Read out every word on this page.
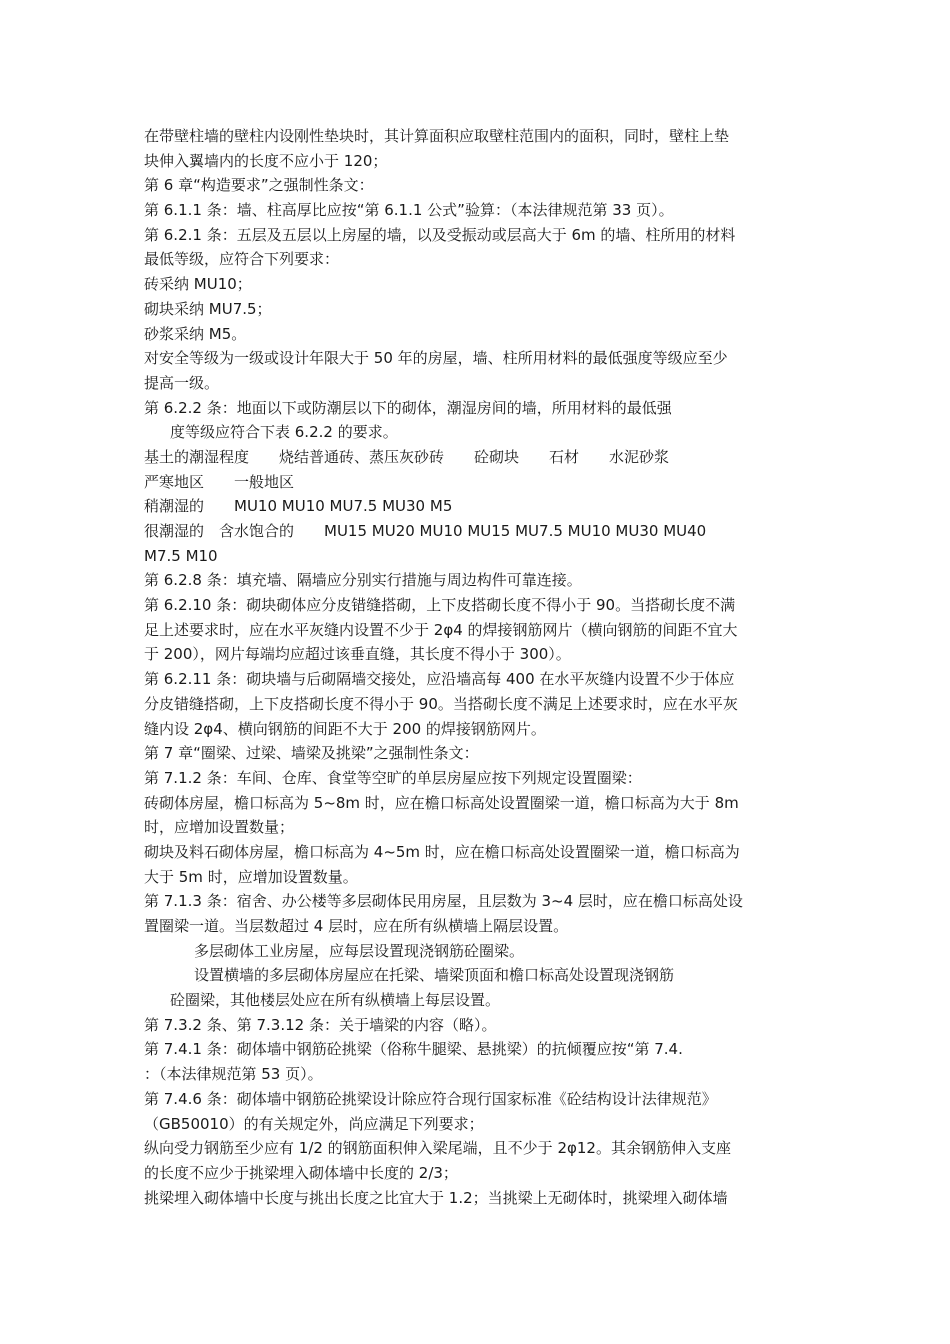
在带壁柱墙的壁柱内设刚性垫块时，其计算面积应取壁柱范围内的面积，同时，壁柱上垫
块伸入翼墙内的长度不应小于 120；
第 6 章“构造要求”之强制性条文：
第 6.1.1 条：墙、柱高厚比应按“第 6.1.1 公式”验算：（本法律规范第 33 页）。
第 6.2.1 条：五层及五层以上房屋的墙，以及受振动或层高大于 6m 的墙、柱所用的材料
最低等级，应符合下列要求：
砖采纳 MU10；
砌块采纳 MU7.5；
砂浆采纳 M5。
对安全等级为一级或设计年限大于 50 年的房屋，墙、柱所用材料的最低强度等级应至少
提高一级。
第 6.2.2 条：地面以下或防潮层以下的砌体，潮湿房间的墙，所用材料的最低强
度等级应符合下表 6.2.2 的要求。
基土的潮湿程度　　烧结普通砖、蒸压灰砂砖　　砼砌块　　石材　　水泥砂浆
严寒地区　　一般地区
稍潮湿的　　MU10 MU10 MU7.5 MU30 M5
很潮湿的　含水饱合的　　MU15 MU20 MU10 MU15 MU7.5 MU10 MU30 MU40
M7.5 M10
第 6.2.8 条：填充墙、隔墙应分别实行措施与周边构件可靠连接。
第 6.2.10 条：砌块砌体应分皮错缝搭砌，上下皮搭砌长度不得小于 90。当搭砌长度不满
足上述要求时，应在水平灰缝内设置不少于 2φ4 的焊接钢筋网片（横向钢筋的间距不宜大
于 200），网片每端均应超过该垂直缝，其长度不得小于 300）。
第 6.2.11 条：砌块墙与后砌隔墙交接处，应沿墙高每 400 在水平灰缝内设置不少于体应
分皮错缝搭砌，上下皮搭砌长度不得小于 90。当搭砌长度不满足上述要求时，应在水平灰
缝内设 2φ4、横向钢筋的间距不大于 200 的焊接钢筋网片。
第 7 章“圈梁、过梁、墙梁及挑梁”之强制性条文：
第 7.1.2 条：车间、仓库、食堂等空旷的单层房屋应按下列规定设置圈梁：
砖砌体房屋，檐口标高为 5~8m 时，应在檐口标高处设置圈梁一道，檐口标高为大于 8m
时，应增加设置数量；
砌块及料石砌体房屋，檐口标高为 4~5m 时，应在檐口标高处设置圈梁一道，檐口标高为
大于 5m 时，应增加设置数量。
第 7.1.3 条：宿舍、办公楼等多层砌体民用房屋，且层数为 3~4 层时，应在檐口标高处设
置圈梁一道。当层数超过 4 层时，应在所有纵横墙上隔层设置。
多层砌体工业房屋，应每层设置现浇钢筋砼圈梁。
设置横墙的多层砌体房屋应在托梁、墙梁顶面和檐口标高处设置现浇钢筋
砼圈梁，其他楼层处应在所有纵横墙上每层设置。
第 7.3.2 条、第 7.3.12 条：关于墙梁的内容（略）。
第 7.4.1 条：砌体墙中钢筋砼挑梁（俗称牛腿梁、悬挑梁）的抗倾覆应按“第 7.4.
：（本法律规范第 53 页）。
第 7.4.6 条：砌体墙中钢筋砼挑梁设计除应符合现行国家标准《砼结构设计法律规范》
（GB50010）的有关规定外，尚应满足下列要求；
纵向受力钢筋至少应有 1/2 的钢筋面积伸入梁尾端，且不少于 2φ12。其余钢筋伸入支座
的长度不应少于挑梁埋入砌体墙中长度的 2/3；
挑梁埋入砌体墙中长度与挑出长度之比宜大于 1.2；当挑梁上无砌体时，挑梁埋入砌体墙
